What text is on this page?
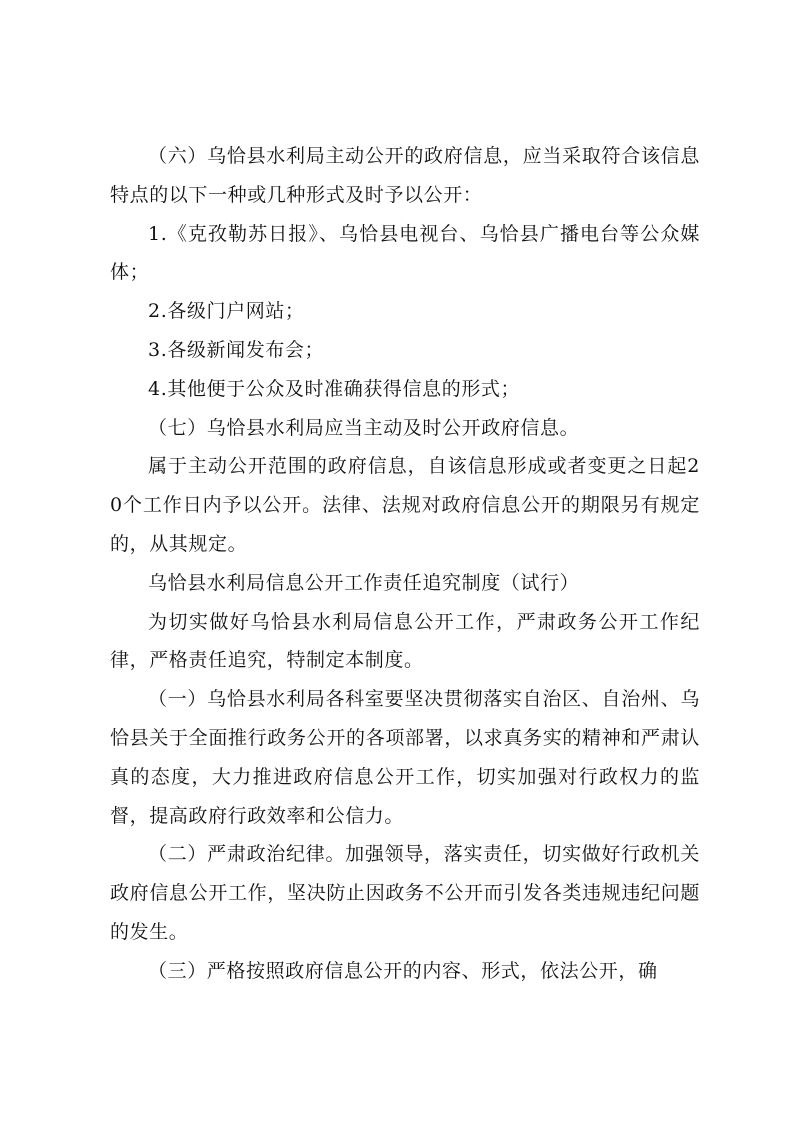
（六）乌恰县水利局主动公开的政府信息，应当采取符合该信息特点的以下一种或几种形式及时予以公开：

1.《克孜勒苏日报》、乌恰县电视台、乌恰县广播电台等公众媒体；

2.各级门户网站；

3.各级新闻发布会；

4.其他便于公众及时准确获得信息的形式；

（七）乌恰县水利局应当主动及时公开政府信息。

属于主动公开范围的政府信息，自该信息形成或者变更之日起20个工作日内予以公开。法律、法规对政府信息公开的期限另有规定的，从其规定。

乌恰县水利局信息公开工作责任追究制度（试行）

为切实做好乌恰县水利局信息公开工作，严肃政务公开工作纪律，严格责任追究，特制定本制度。

（一）乌恰县水利局各科室要坚决贯彻落实自治区、自治州、乌恰县关于全面推行政务公开的各项部署，以求真务实的精神和严肃认真的态度，大力推进政府信息公开工作，切实加强对行政权力的监督，提高政府行政效率和公信力。

（二）严肃政治纪律。加强领导，落实责任，切实做好行政机关政府信息公开工作，坚决防止因政务不公开而引发各类违规违纪问题的发生。

（三）严格按照政府信息公开的内容、形式，依法公开，确
